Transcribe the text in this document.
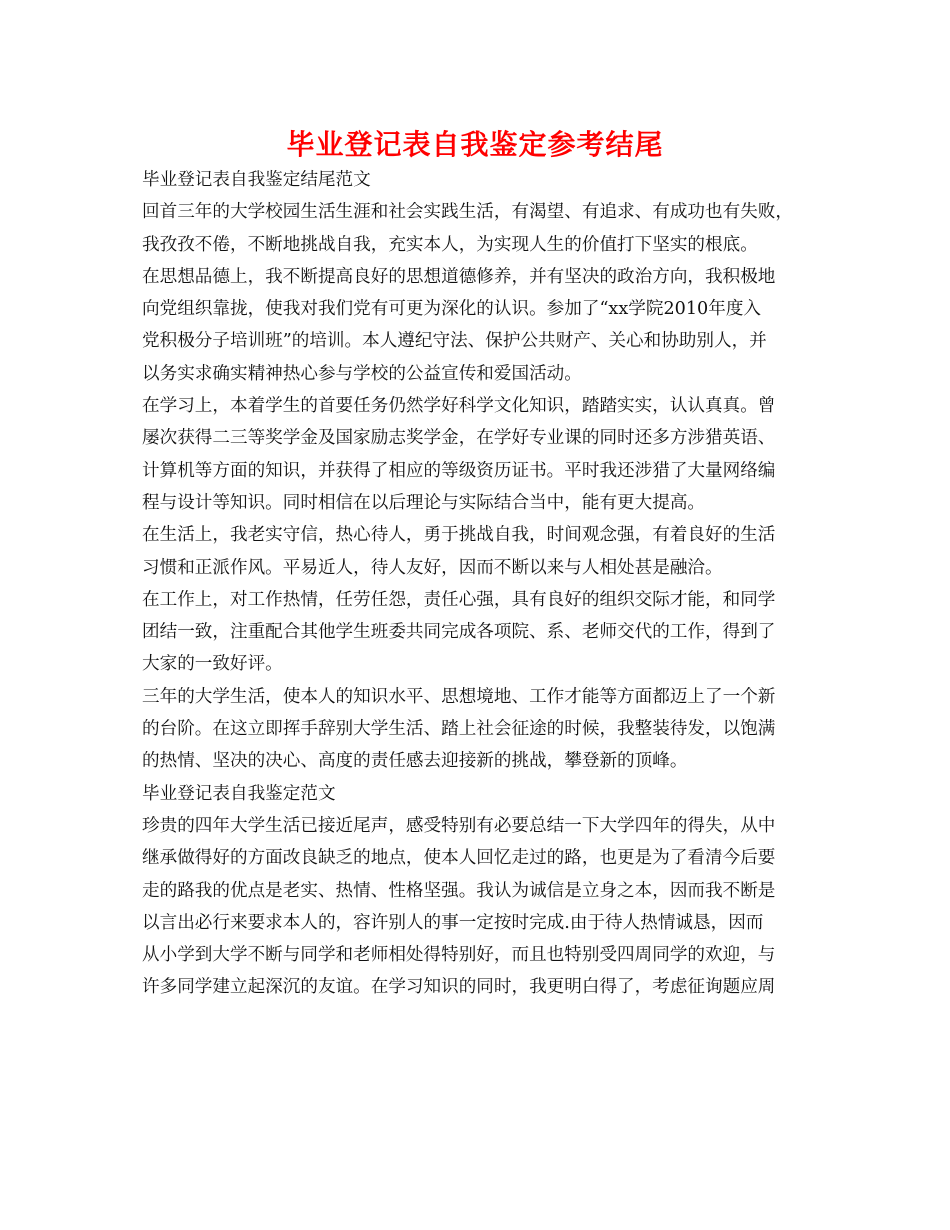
毕业登记表自我鉴定参考结尾
毕业登记表自我鉴定结尾范文
回首三年的大学校园生活生涯和社会实践生活，有渴望、有追求、有成功也有失败，
我孜孜不倦，不断地挑战自我，充实本人，为实现人生的价值打下坚实的根底。
在思想品德上，我不断提高良好的思想道德修养，并有坚决的政治方向，我积极地
向党组织靠拢，使我对我们党有可更为深化的认识。参加了“xx学院2010年度入
党积极分子培训班”的培训。本人遵纪守法、保护公共财产、关心和协助别人，并
以务实求确实精神热心参与学校的公益宣传和爱国活动。
在学习上，本着学生的首要任务仍然学好科学文化知识，踏踏实实，认认真真。曾
屡次获得二三等奖学金及国家励志奖学金，在学好专业课的同时还多方涉猎英语、
计算机等方面的知识，并获得了相应的等级资历证书。平时我还涉猎了大量网络编
程与设计等知识。同时相信在以后理论与实际结合当中，能有更大提高。
在生活上，我老实守信，热心待人，勇于挑战自我，时间观念强，有着良好的生活
习惯和正派作风。平易近人，待人友好，因而不断以来与人相处甚是融洽。
在工作上，对工作热情，任劳任怨，责任心强，具有良好的组织交际才能，和同学
团结一致，注重配合其他学生班委共同完成各项院、系、老师交代的工作，得到了
大家的一致好评。
三年的大学生活，使本人的知识水平、思想境地、工作才能等方面都迈上了一个新
的台阶。在这立即挥手辞别大学生活、踏上社会征途的时候，我整装待发，以饱满
的热情、坚决的决心、高度的责任感去迎接新的挑战，攀登新的顶峰。
毕业登记表自我鉴定范文
珍贵的四年大学生活已接近尾声，感受特别有必要总结一下大学四年的得失，从中
继承做得好的方面改良缺乏的地点，使本人回忆走过的路，也更是为了看清今后要
走的路我的优点是老实、热情、性格坚强。我认为诚信是立身之本，因而我不断是
以言出必行来要求本人的，容许别人的事一定按时完成.由于待人热情诚恳，因而
从小学到大学不断与同学和老师相处得特别好，而且也特别受四周同学的欢迎，与
许多同学建立起深沉的友谊。在学习知识的同时，我更明白得了，考虑征询题应周
